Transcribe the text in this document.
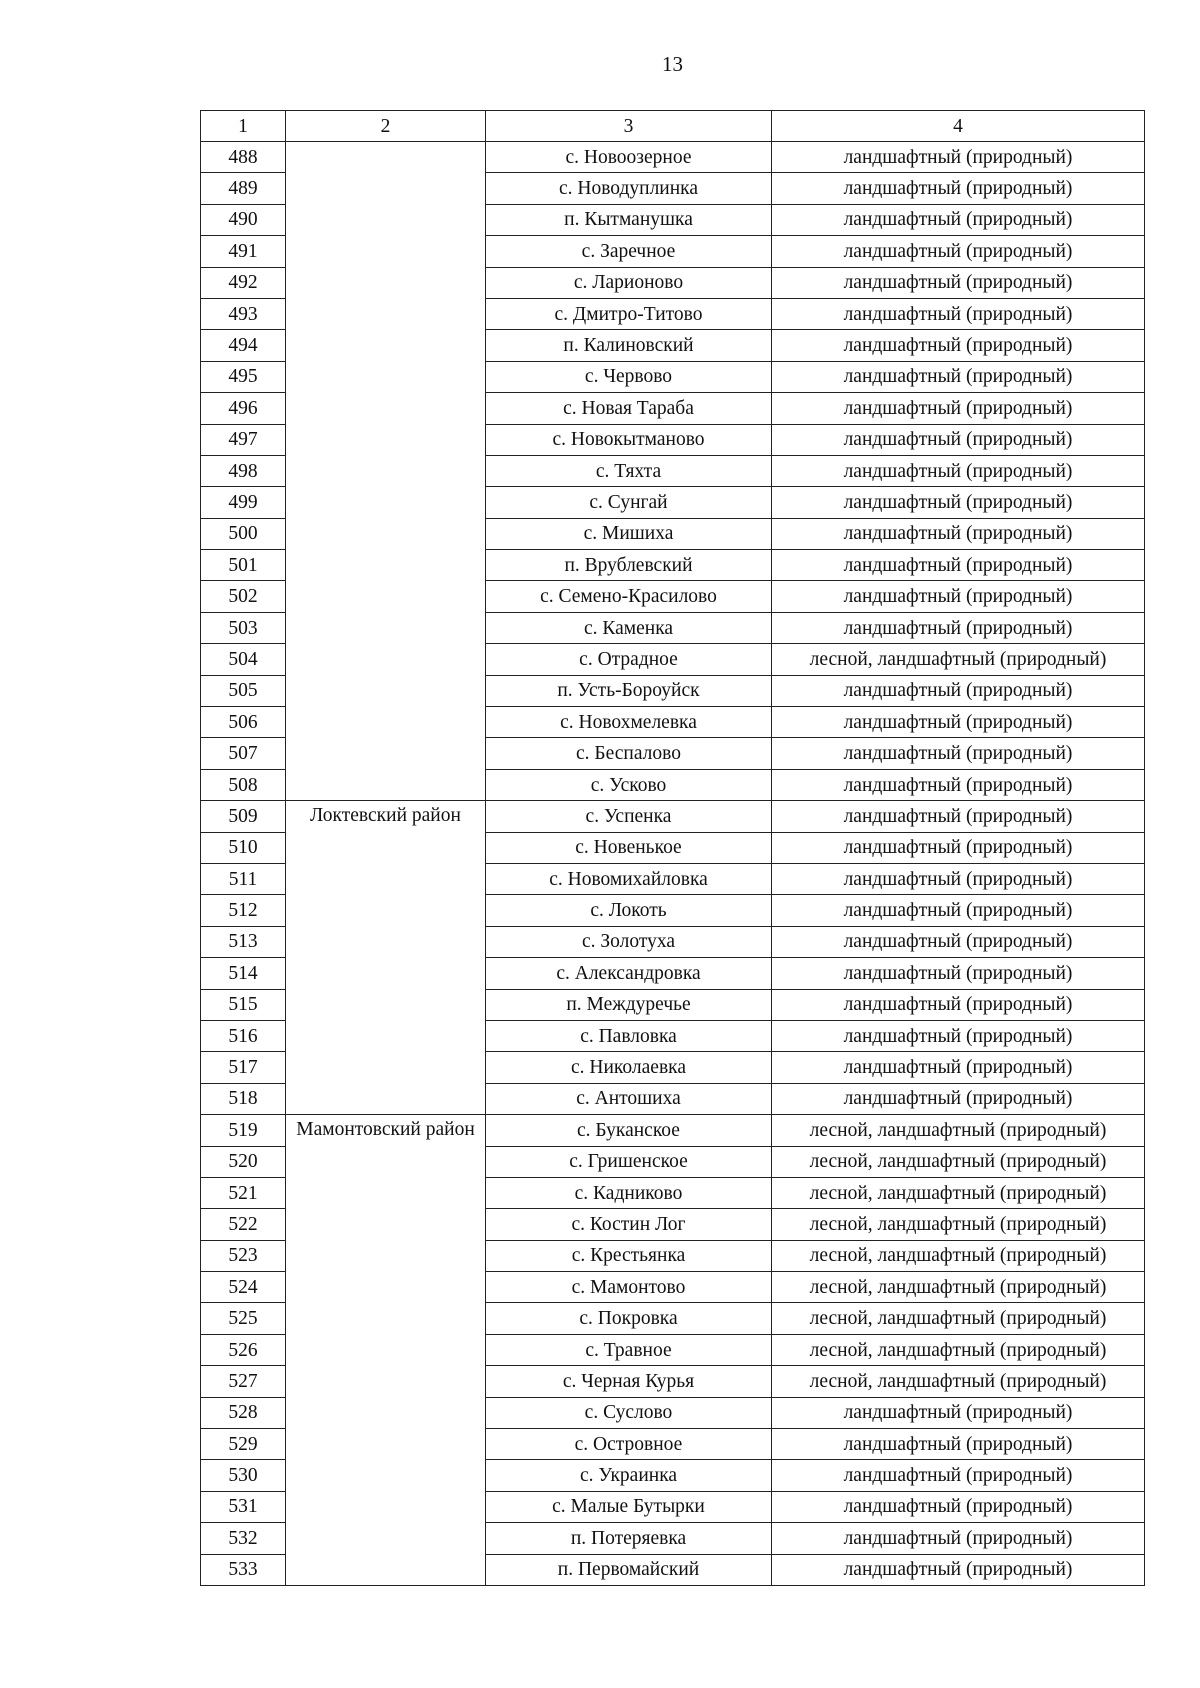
13
1	2	3	4
488		с. Новоозерное	ландшафтный (природный)
489		с. Новодуплинка	ландшафтный (природный)
490		п. Кытманушка	ландшафтный (природный)
491		с. Заречное	ландшафтный (природный)
492		с. Ларионово	ландшафтный (природный)
493		с. Дмитро-Титово	ландшафтный (природный)
494		п. Калиновский	ландшафтный (природный)
495		с. Червово	ландшафтный (природный)
496		с. Новая Тараба	ландшафтный (природный)
497		с. Новокытманово	ландшафтный (природный)
498		с. Тяхта	ландшафтный (природный)
499		с. Сунгай	ландшафтный (природный)
500		с. Мишиха	ландшафтный (природный)
501		п. Врублевский	ландшафтный (природный)
502		с. Семено-Красилово	ландшафтный (природный)
503		с. Каменка	ландшафтный (природный)
504		с. Отрадное	лесной, ландшафтный (природный)
505		п. Усть-Бороуйск	ландшафтный (природный)
506		с. Новохмелевка	ландшафтный (природный)
507		с. Беспалово	ландшафтный (природный)
508		с. Усково	ландшафтный (природный)
509	Локтевский район	с. Успенка	ландшафтный (природный)
510		с. Новенькое	ландшафтный (природный)
511		с. Новомихайловка	ландшафтный (природный)
512		с. Локоть	ландшафтный (природный)
513		с. Золотуха	ландшафтный (природный)
514		с. Александровка	ландшафтный (природный)
515		п. Междуречье	ландшафтный (природный)
516		с. Павловка	ландшафтный (природный)
517		с. Николаевка	ландшафтный (природный)
518		с. Антошиха	ландшафтный (природный)
519	Мамонтовский район	с. Буканское	лесной, ландшафтный (природный)
520		с. Гришенское	лесной, ландшафтный (природный)
521		с. Кадниково	лесной, ландшафтный (природный)
522		с. Костин Лог	лесной, ландшафтный (природный)
523		с. Крестьянка	лесной, ландшафтный (природный)
524		с. Мамонтово	лесной, ландшафтный (природный)
525		с. Покровка	лесной, ландшафтный (природный)
526		с. Травное	лесной, ландшафтный (природный)
527		с. Черная Курья	лесной, ландшафтный (природный)
528		с. Суслово	ландшафтный (природный)
529		с. Островное	ландшафтный (природный)
530		с. Украинка	ландшафтный (природный)
531		с. Малые Бутырки	ландшафтный (природный)
532		п. Потеряевка	ландшафтный (природный)
533		п. Первомайский	ландшафтный (природный)
